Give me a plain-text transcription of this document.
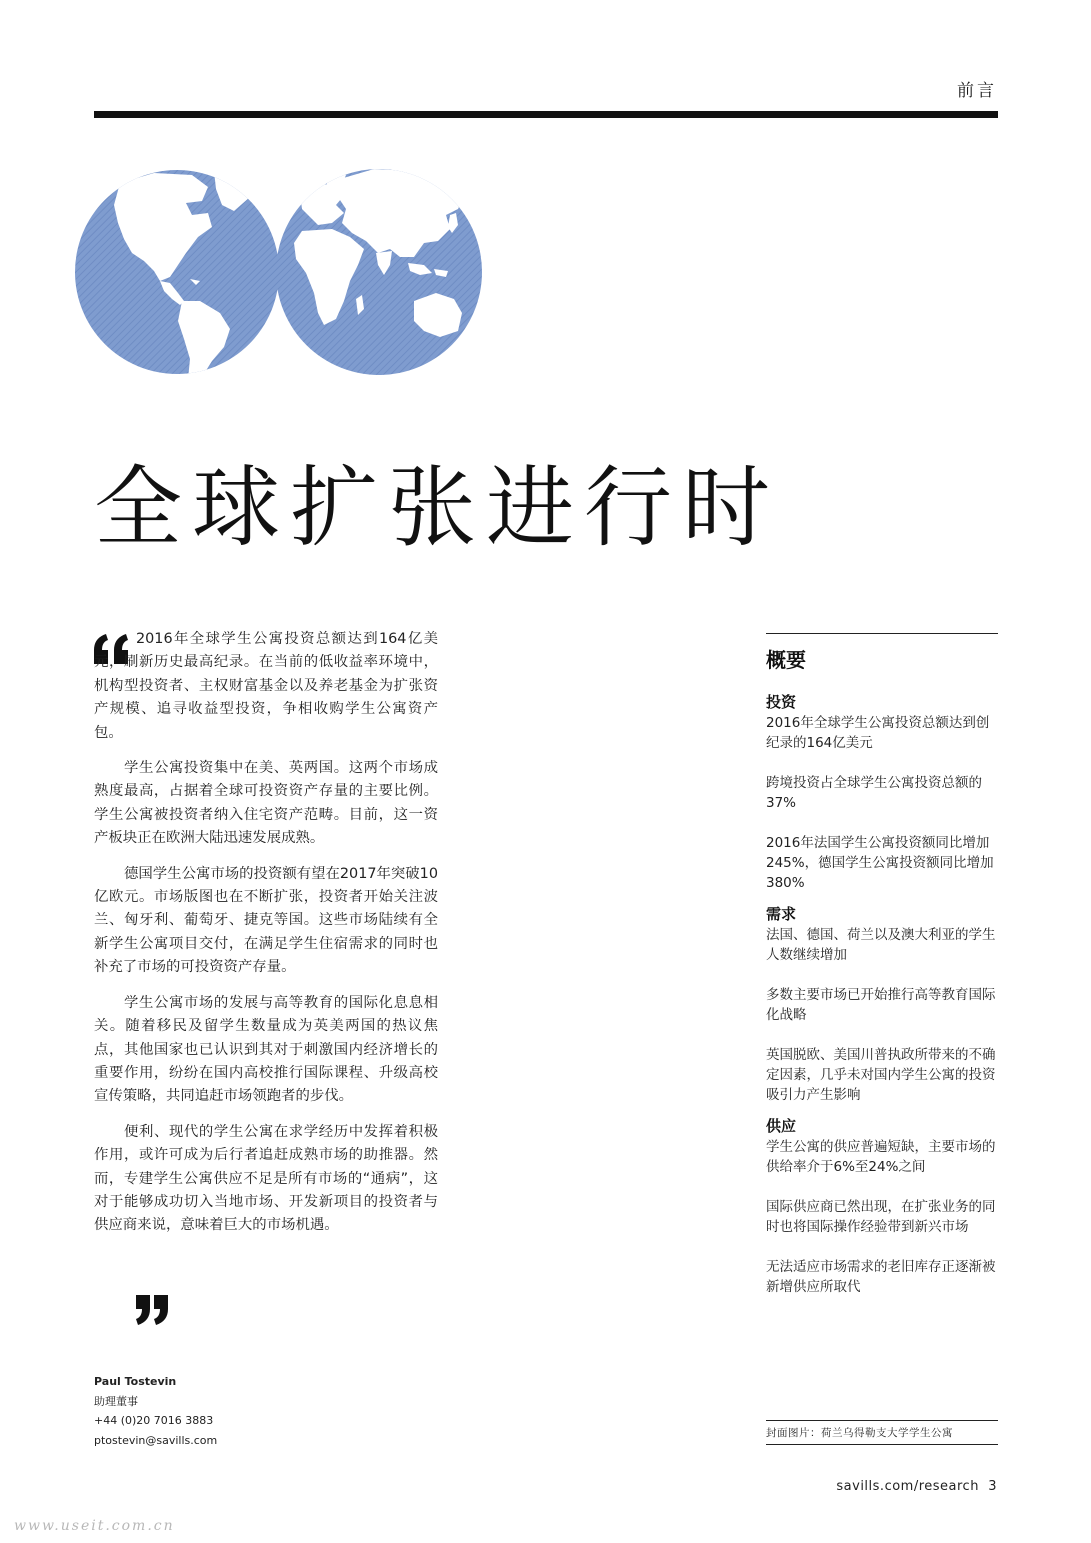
前言
全球扩张进行时

2016年全球学生公寓投资总额达到164亿美元，刷新历史最高纪录。在当前的低收益率环境中，机构型投资者、主权财富基金以及养老基金为扩张资产规模、追寻收益型投资，争相收购学生公寓资产包。

学生公寓投资集中在美、英两国。这两个市场成熟度最高，占据着全球可投资资产存量的主要比例。学生公寓被投资者纳入住宅资产范畴。目前，这一资产板块正在欧洲大陆迅速发展成熟。

德国学生公寓市场的投资额有望在2017年突破10亿欧元。市场版图也在不断扩张，投资者开始关注波兰、匈牙利、葡萄牙、捷克等国。这些市场陆续有全新学生公寓项目交付，在满足学生住宿需求的同时也补充了市场的可投资资产存量。

学生公寓市场的发展与高等教育的国际化息息相关。随着移民及留学生数量成为英美两国的热议焦点，其他国家也已认识到其对于刺激国内经济增长的重要作用，纷纷在国内高校推行国际课程、升级高校宣传策略，共同追赶市场领跑者的步伐。

便利、现代的学生公寓在求学经历中发挥着积极作用，或许可成为后行者追赶成熟市场的助推器。然而，专建学生公寓供应不足是所有市场的“通病”，这对于能够成功切入当地市场、开发新项目的投资者与供应商来说，意味着巨大的市场机遇。

Paul Tostevin
助理董事
+44 (0)20 7016 3883
ptostevin@savills.com
概要
投资
2016年全球学生公寓投资总额达到创纪录的164亿美元
跨境投资占全球学生公寓投资总额的37%
2016年法国学生公寓投资额同比增加245%，德国学生公寓投资额同比增加380%
需求
法国、德国、荷兰以及澳大利亚的学生人数继续增加
多数主要市场已开始推行高等教育国际化战略
英国脱欧、美国川普执政所带来的不确定因素，几乎未对国内学生公寓的投资吸引力产生影响
供应
学生公寓的供应普遍短缺，主要市场的供给率介于6%至24%之间
国际供应商已然出现，在扩张业务的同时也将国际操作经验带到新兴市场
无法适应市场需求的老旧库存正逐渐被新增供应所取代
封面图片：荷兰乌得勒支大学学生公寓
savills.com/research 3
www.useit.com.cn
